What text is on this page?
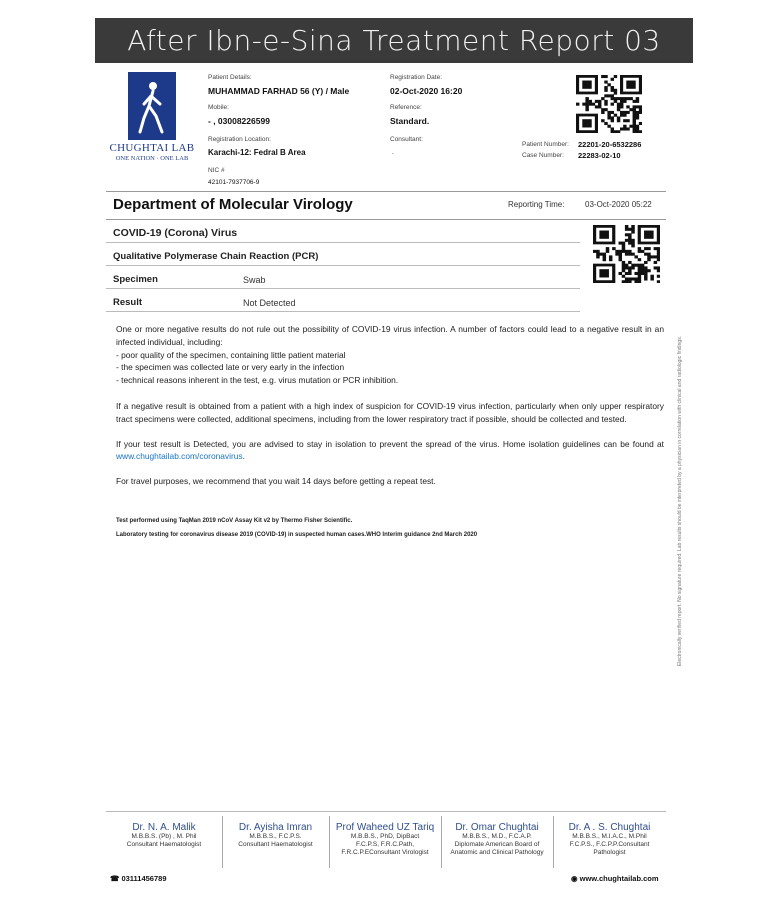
After Ibn-e-Sina Treatment Report 03
CHUGHTAI LAB
ONE NATION · ONE LAB
Patient Details:
MUHAMMAD FARHAD 56 (Y) / Male
Mobile:
- , 03008226599
Registration Location:
Karachi-12: Fedral B Area
NIC #
42101-7937706-9
Registration Date:
02-Oct-2020 16:20
Reference:
Standard.
Consultant:
.
Patient Number: 22201-20-6532286
Case Number: 22283-02-10
Department of Molecular Virology	Reporting Time:	03-Oct-2020 05:22
COVID-19 (Corona) Virus
Qualitative Polymerase Chain Reaction (PCR)
Specimen	Swab
Result	Not Detected

One or more negative results do not rule out the possibility of COVID-19 virus infection. A number of factors could lead to a negative result in an infected individual, including:
- poor quality of the specimen, containing little patient material
- the specimen was collected late or very early in the infection
- technical reasons inherent in the test, e.g. virus mutation or PCR inhibition.

If a negative result is obtained from a patient with a high index of suspicion for COVID-19 virus infection, particularly when only upper respiratory tract specimens were collected, additional specimens, including from the lower respiratory tract if possible, should be collected and tested.

If your test result is Detected, you are advised to stay in isolation to prevent the spread of the virus. Home isolation guidelines can be found at www.chughtailab.com/coronavirus.

For travel purposes, we recommend that you wait 14 days before getting a repeat test.

Test performed using TaqMan 2019 nCoV Assay Kit v2 by Thermo Fisher Scientific.
Laboratory testing for coronavirus disease 2019 (COVID-19) in suspected human cases.WHO Interim guidance 2nd March 2020	Electronically verified report. No signature required. Lab results should be interpreted by a physician in correlation with clinical and radiologic findings.
Dr. N. A. Malik
M.B.B.S. (Pb) , M. Phil
Consultant Haematologist
Dr. Ayisha Imran
M.B.B.S., F.C.P.S.
Consultant Haematologist
Prof Waheed UZ Tariq
M.B.B.S., PhD, DipBact
F.C.P.S, F.R.C.Path,
F.R.C.P.EConsultant Virologist
Dr. Omar Chughtai
M.B.B.S., M.D., F.C.A.P.
Diplomate American Board of
Anatomic and Clinical Pathology
Dr. A . S. Chughtai
M.B.B.S., M.I.A.C., M.Phil
F.C.P.S., F.C.P.P.Consultant
Pathologist
☎ 03111456789	◉ www.chughtailab.com
